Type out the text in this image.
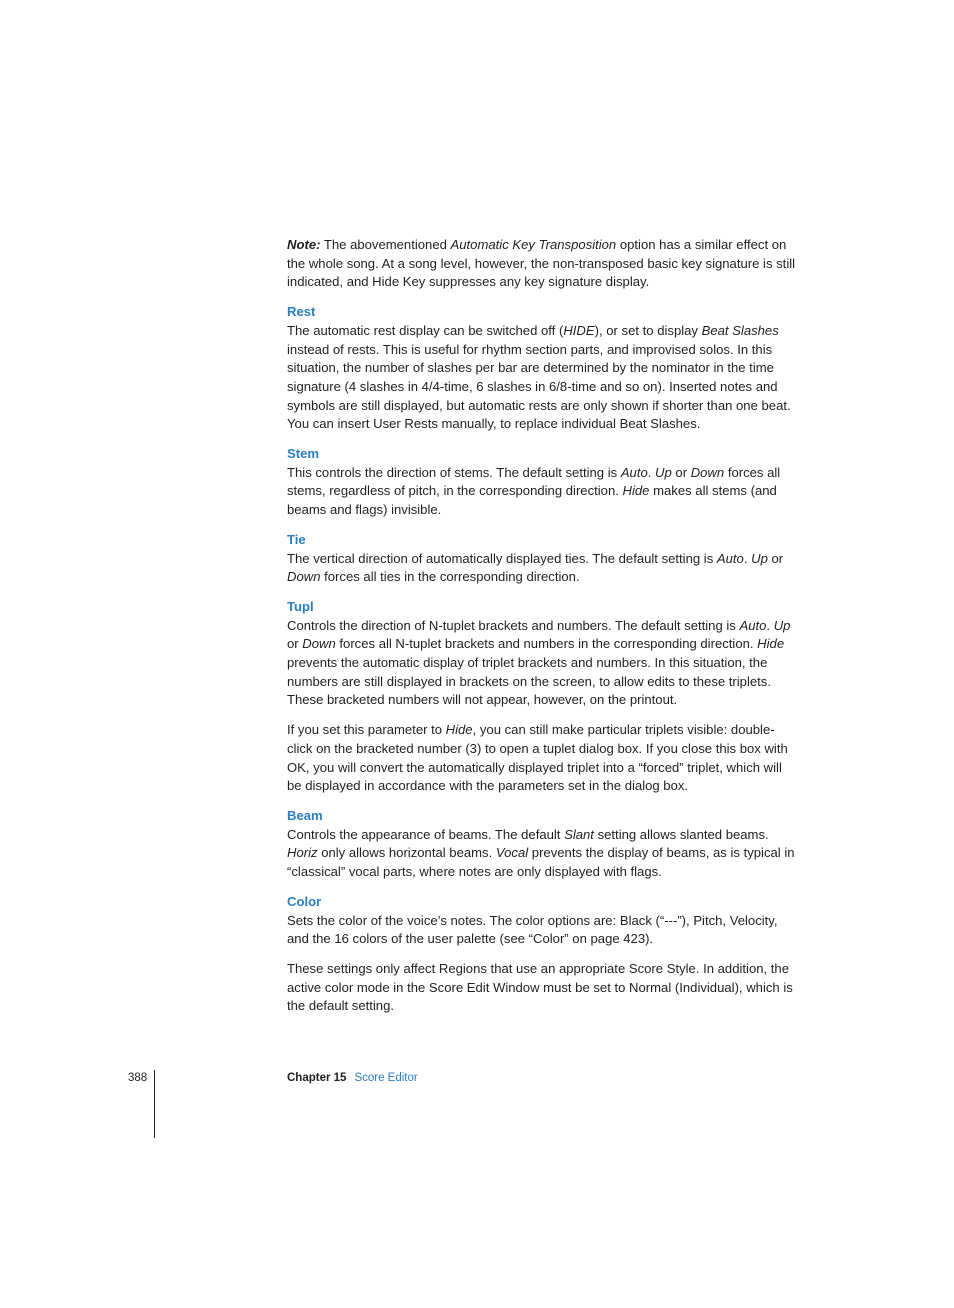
Note: The abovementioned Automatic Key Transposition option has a similar effect on the whole song. At a song level, however, the non-transposed basic key signature is still indicated, and Hide Key suppresses any key signature display.

Rest

The automatic rest display can be switched off (HIDE), or set to display Beat Slashes instead of rests. This is useful for rhythm section parts, and improvised solos. In this situation, the number of slashes per bar are determined by the nominator in the time signature (4 slashes in 4/4-time, 6 slashes in 6/8-time and so on). Inserted notes and symbols are still displayed, but automatic rests are only shown if shorter than one beat. You can insert User Rests manually, to replace individual Beat Slashes.

Stem

This controls the direction of stems. The default setting is Auto. Up or Down forces all stems, regardless of pitch, in the corresponding direction. Hide makes all stems (and beams and flags) invisible.

Tie

The vertical direction of automatically displayed ties. The default setting is Auto. Up or Down forces all ties in the corresponding direction.

Tupl

Controls the direction of N-tuplet brackets and numbers. The default setting is Auto. Up or Down forces all N-tuplet brackets and numbers in the corresponding direction. Hide prevents the automatic display of triplet brackets and numbers. In this situation, the numbers are still displayed in brackets on the screen, to allow edits to these triplets. These bracketed numbers will not appear, however, on the printout.

If you set this parameter to Hide, you can still make particular triplets visible: double-click on the bracketed number (3) to open a tuplet dialog box. If you close this box with OK, you will convert the automatically displayed triplet into a “forced” triplet, which will be displayed in accordance with the parameters set in the dialog box.

Beam

Controls the appearance of beams. The default Slant setting allows slanted beams. Horiz only allows horizontal beams. Vocal prevents the display of beams, as is typical in “classical” vocal parts, where notes are only displayed with flags.

Color

Sets the color of the voice’s notes. The color options are: Black (“---”), Pitch, Velocity, and the 16 colors of the user palette (see “Color” on page 423).

These settings only affect Regions that use an appropriate Score Style. In addition, the active color mode in the Score Edit Window must be set to Normal (Individual), which is the default setting.

388	Chapter 15 Score Editor
